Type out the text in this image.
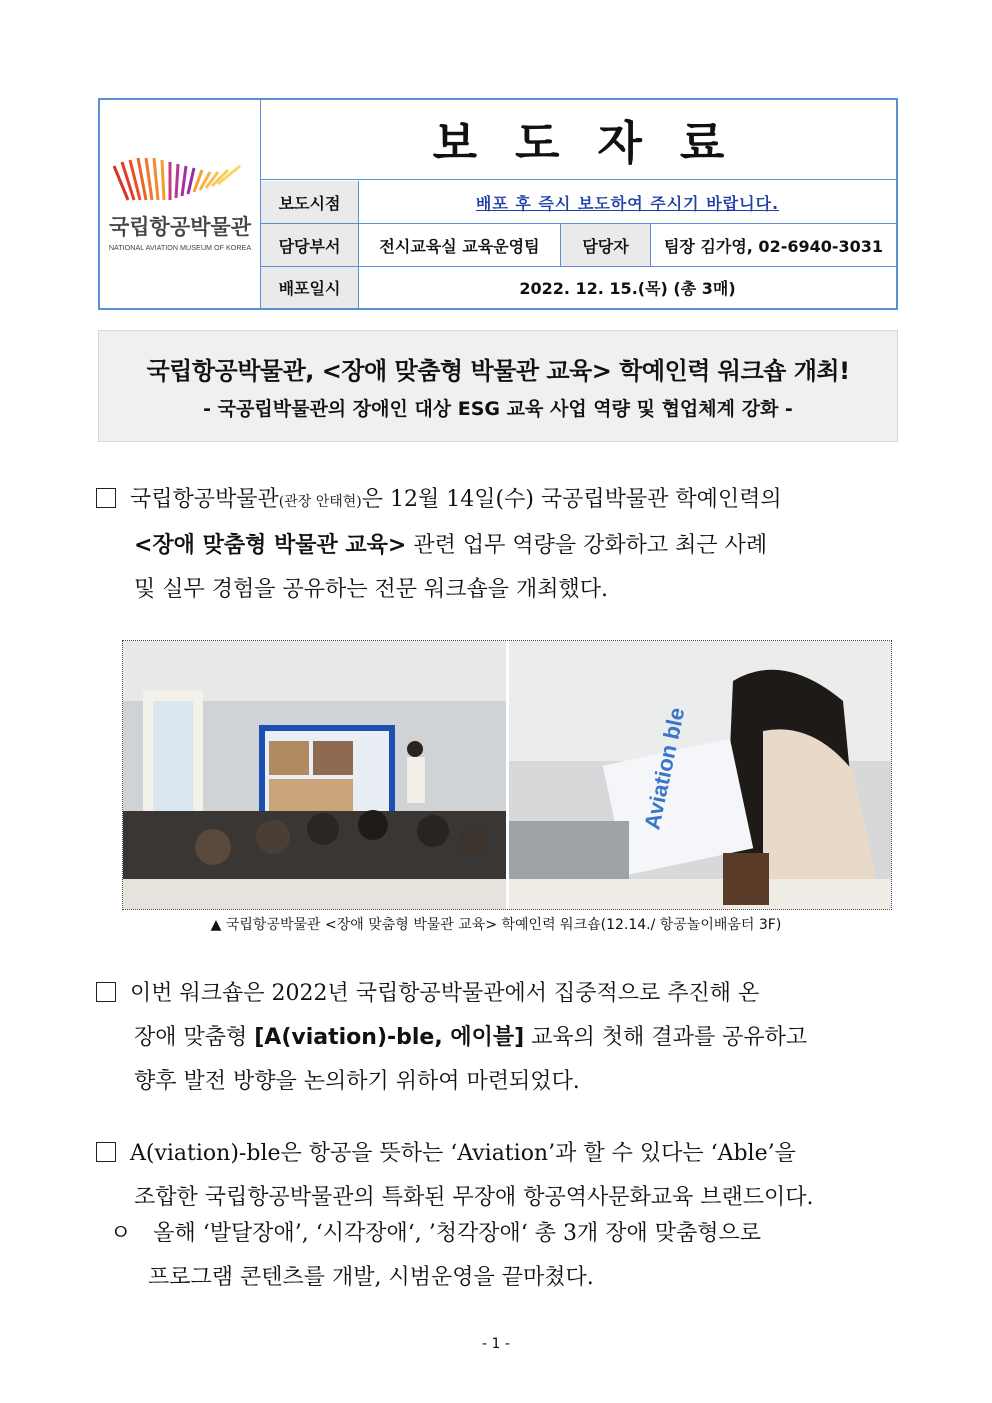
국립항공박물관
NATIONAL AVIATION MUSEUM OF KOREA
보도자료
보도시점	배포 후 즉시 보도하여 주시기 바랍니다.
담당부서	전시교육실 교육운영팀	담당자	팀장 김가영, 02-6940-3031
배포일시	2022. 12. 15.(목) (총 3매)
국립항공박물관, <장애 맞춤형 박물관 교육> 학예인력 워크숍 개최!
- 국공립박물관의 장애인 대상 ESG 교육 사업 역량 및 협업체계 강화 -
국립항공박물관(관장 안태현)은 12월 14일(수) 국공립박물관 학예인력의
<장애 맞춤형 박물관 교육> 관련 업무 역량을 강화하고 최근 사례
및 실무 경험을 공유하는 전문 워크숍을 개최했다.
Aviation ble
▲ 국립항공박물관 <장애 맞춤형 박물관 교육> 학예인력 워크숍(12.14./ 항공놀이배움터 3F)
이번 워크숍은 2022년 국립항공박물관에서 집중적으로 추진해 온
장애 맞춤형 [A(viation)-ble, 에이블] 교육의 첫해 결과를 공유하고
향후 발전 방향을 논의하기 위하여 마련되었다.
A(viation)-ble은 항공을 뜻하는 ‘Aviation’과 할 수 있다는 ‘Able’을
조합한 국립항공박물관의 특화된 무장애 항공역사문화교육 브랜드이다.
ㅇ 올해 ‘발달장애’, ‘시각장애‘, ’청각장애‘ 총 3개 장애 맞춤형으로
프로그램 콘텐츠를 개발, 시범운영을 끝마쳤다.
- 1 -
